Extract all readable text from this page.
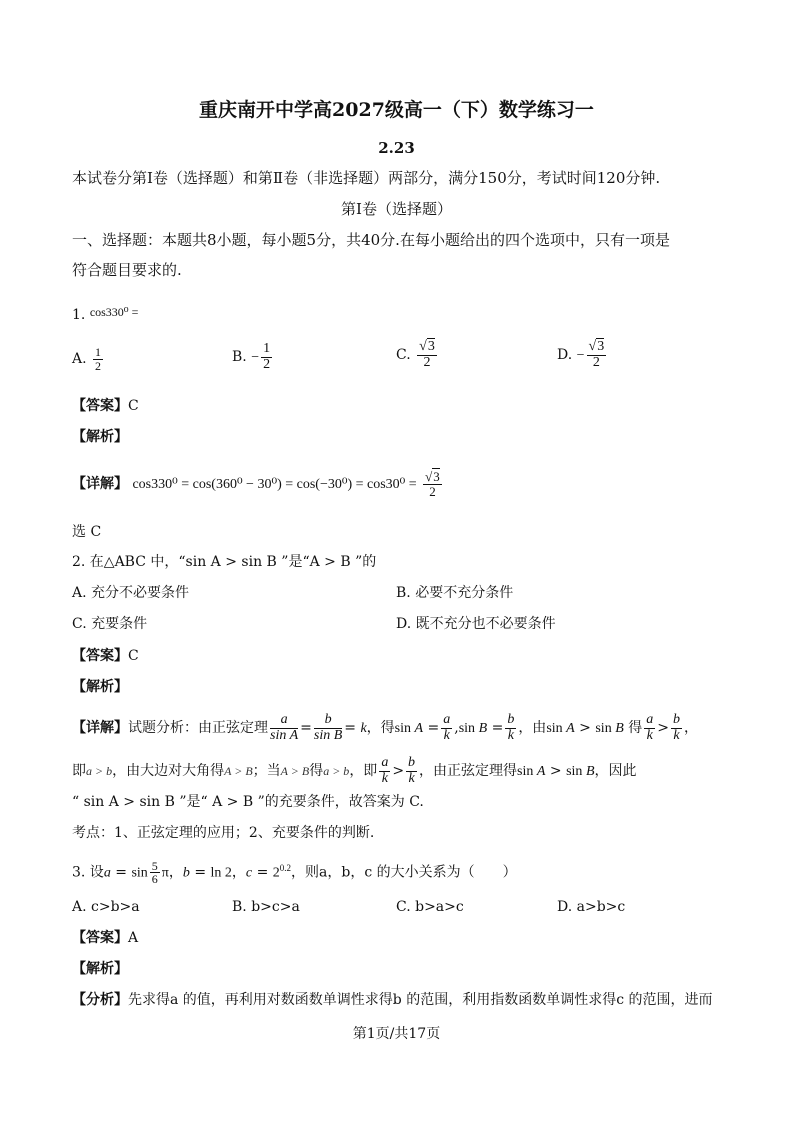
重庆南开中学高2027级高一（下）数学练习一
2.23
本试卷分第Ⅰ卷（选择题）和第Ⅱ卷（非选择题）两部分，满分150分，考试时间120分钟.
第Ⅰ卷（选择题）
一、选择题：本题共8小题，每小题5分，共40分.在每小题给出的四个选项中，只有一项是
符合题目要求的.
1. cos330⁰ =
A. $\frac{1}{2}$	B. − $\frac{1}{2}$	C. $\frac{√3}{2}$	D. − $\frac{√3}{2}$
【答案】C
【解析】
【详解】 $\cos 330^0 = \cos(360^0 - 30^0) = \cos(-30^0) = \cos 30^0 = \frac{√3}{2}$
选 C
2. 在△ABC 中，“sin A > sin B ”是“A > B ”的
A. 充分不必要条件	B. 必要不充分条件
C. 充要条件	D. 既不充分也不必要条件
【答案】C
【解析】
【详解】试题分析：由正弦定理 $\frac{a}{\text{sin A}} = \frac{b}{\text{sin B}} = k$，得$\sin A = \frac{a}{k} ,\sin$ $B = \frac{b}{k}$ ，由sin A > sin B 得 $\frac{a}{k} > \frac{b}{k}$ ，
即a > b，由大边对大角得A > B；当A > B得a > b，即 $\frac{a}{k} > \frac{b}{k}$ ，由正弦定理得sin A > sin B，因此
“ sin A > sin B ”是“ A > B ”的充要条件，故答案为 C.
考点：1、正弦定理的应用；2、充要条件的判断.
3. 设$a = \sin \frac{5}{6}$ π，b = ln 2，$c = 2^{0.2}$，则a，b，c 的大小关系为（　　）
A. c>b>a	B. b>c>a	C. b>a>c	D. a>b>c
【答案】A
【解析】
【分析】先求得a 的值，再利用对数函数单调性求得b 的范围，利用指数函数单调性求得c 的范围，进而
第1页/共17页
